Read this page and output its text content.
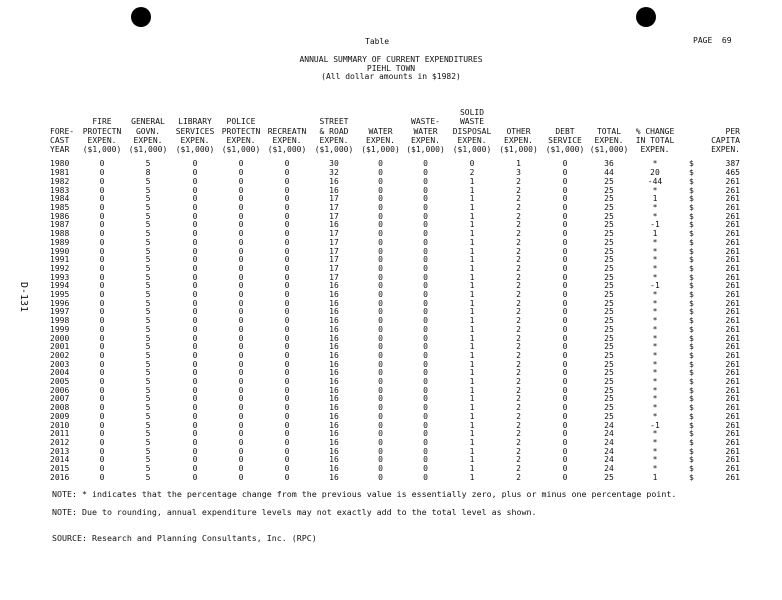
Table	PAGE  69
ANNUAL SUMMARY OF CURRENT EXPENDITURES
PIEHL TOWN
(All dollar amounts in $1982)
D-131

	FIRE	GENERAL	LIBRARY	POLICE		STREET		WASTE-	SOLID WASTE					
FORE-	PROTECTN	GOVN.	SERVICES	PROTECTN	RECREATN	& ROAD	WATER	WATER	DISPOSAL	OTHER	DEBT	TOTAL	% CHANGE	PER
CAST	EXPEN.	EXPEN.	EXPEN.	EXPEN.	EXPEN.	EXPEN.	EXPEN.	EXPEN.	EXPEN.	EXPEN.	SERVICE	EXPEN.	IN TOTAL	CAPITA
YEAR	($1,000)	($1,000)	($1,000)	($1,000)	($1,000)	($1,000)	($1,000)	($1,000)	($1,000)	($1,000)	($1,000)	($1,000)	EXPEN.	EXPEN.

1980	0	5	0	0	0	30	0	0	0	1	0	36	*	$ 387
1981	0	8	0	0	0	32	0	0	2	3	0	44	20	$ 465
1982	0	5	0	0	0	16	0	0	1	2	0	25	-44	$ 261
1983	0	5	0	0	0	16	0	0	1	2	0	25	*	$ 261
1984	0	5	0	0	0	17	0	0	1	2	0	25	1	$ 261
1985	0	5	0	0	0	17	0	0	1	2	0	25	*	$ 261
1986	0	5	0	0	0	17	0	0	1	2	0	25	*	$ 261
1987	0	5	0	0	0	16	0	0	1	2	0	25	-1	$ 261
1988	0	5	0	0	0	17	0	0	1	2	0	25	1	$ 261
1989	0	5	0	0	0	17	0	0	1	2	0	25	*	$ 261
1990	0	5	0	0	0	17	0	0	1	2	0	25	*	$ 261
1991	0	5	0	0	0	17	0	0	1	2	0	25	*	$ 261
1992	0	5	0	0	0	17	0	0	1	2	0	25	*	$ 261
1993	0	5	0	0	0	17	0	0	1	2	0	25	*	$ 261
1994	0	5	0	0	0	16	0	0	1	2	0	25	-1	$ 261
1995	0	5	0	0	0	16	0	0	1	2	0	25	*	$ 261
1996	0	5	0	0	0	16	0	0	1	2	0	25	*	$ 261
1997	0	5	0	0	0	16	0	0	1	2	0	25	*	$ 261
1998	0	5	0	0	0	16	0	0	1	2	0	25	*	$ 261
1999	0	5	0	0	0	16	0	0	1	2	0	25	*	$ 261
2000	0	5	0	0	0	16	0	0	1	2	0	25	*	$ 261
2001	0	5	0	0	0	16	0	0	1	2	0	25	*	$ 261
2002	0	5	0	0	0	16	0	0	1	2	0	25	*	$ 261
2003	0	5	0	0	0	16	0	0	1	2	0	25	*	$ 261
2004	0	5	0	0	0	16	0	0	1	2	0	25	*	$ 261
2005	0	5	0	0	0	16	0	0	1	2	0	25	*	$ 261
2006	0	5	0	0	0	16	0	0	1	2	0	25	*	$ 261
2007	0	5	0	0	0	16	0	0	1	2	0	25	*	$ 261
2008	0	5	0	0	0	16	0	0	1	2	0	25	*	$ 261
2009	0	5	0	0	0	16	0	0	1	2	0	25	*	$ 261
2010	0	5	0	0	0	16	0	0	1	2	0	24	-1	$ 261
2011	0	5	0	0	0	16	0	0	1	2	0	24	*	$ 261
2012	0	5	0	0	0	16	0	0	1	2	0	24	*	$ 261
2013	0	5	0	0	0	16	0	0	1	2	0	24	*	$ 261
2014	0	5	0	0	0	16	0	0	1	2	0	24	*	$ 261
2015	0	5	0	0	0	16	0	0	1	2	0	24	*	$ 261
2016	0	5	0	0	0	16	0	0	1	2	0	25	1	$ 261
NOTE: * indicates that the percentage change from the previous value is essentially zero, plus or minus one percentage point.
NOTE: Due to rounding, annual expenditure levels may not exactly add to the total level as shown.
SOURCE: Research and Planning Consultants, Inc. (RPC)
